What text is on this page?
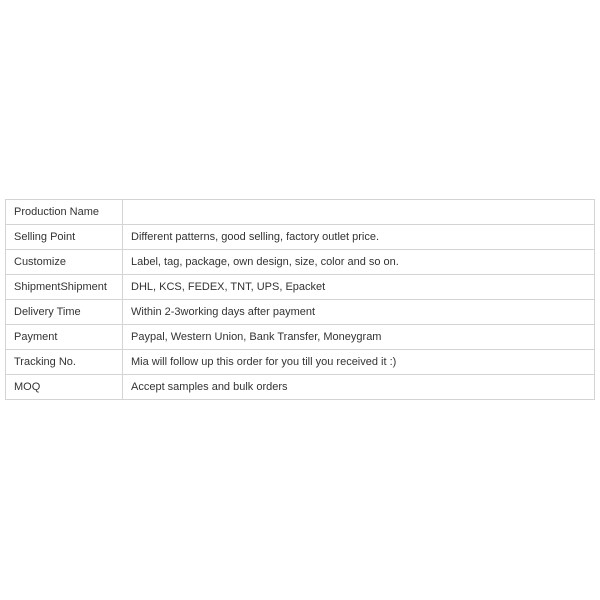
Production Name	
Selling Point	Different patterns, good selling, factory outlet price.
Customize	Label, tag, package, own design, size, color and so on.
ShipmentShipment	DHL, KCS, FEDEX, TNT, UPS, Epacket
Delivery Time	Within 2-3working days after payment
Payment	Paypal, Western Union, Bank Transfer, Moneygram
Tracking No.	Mia will follow up this order for you till you received it :)
MOQ	Accept samples and bulk orders
